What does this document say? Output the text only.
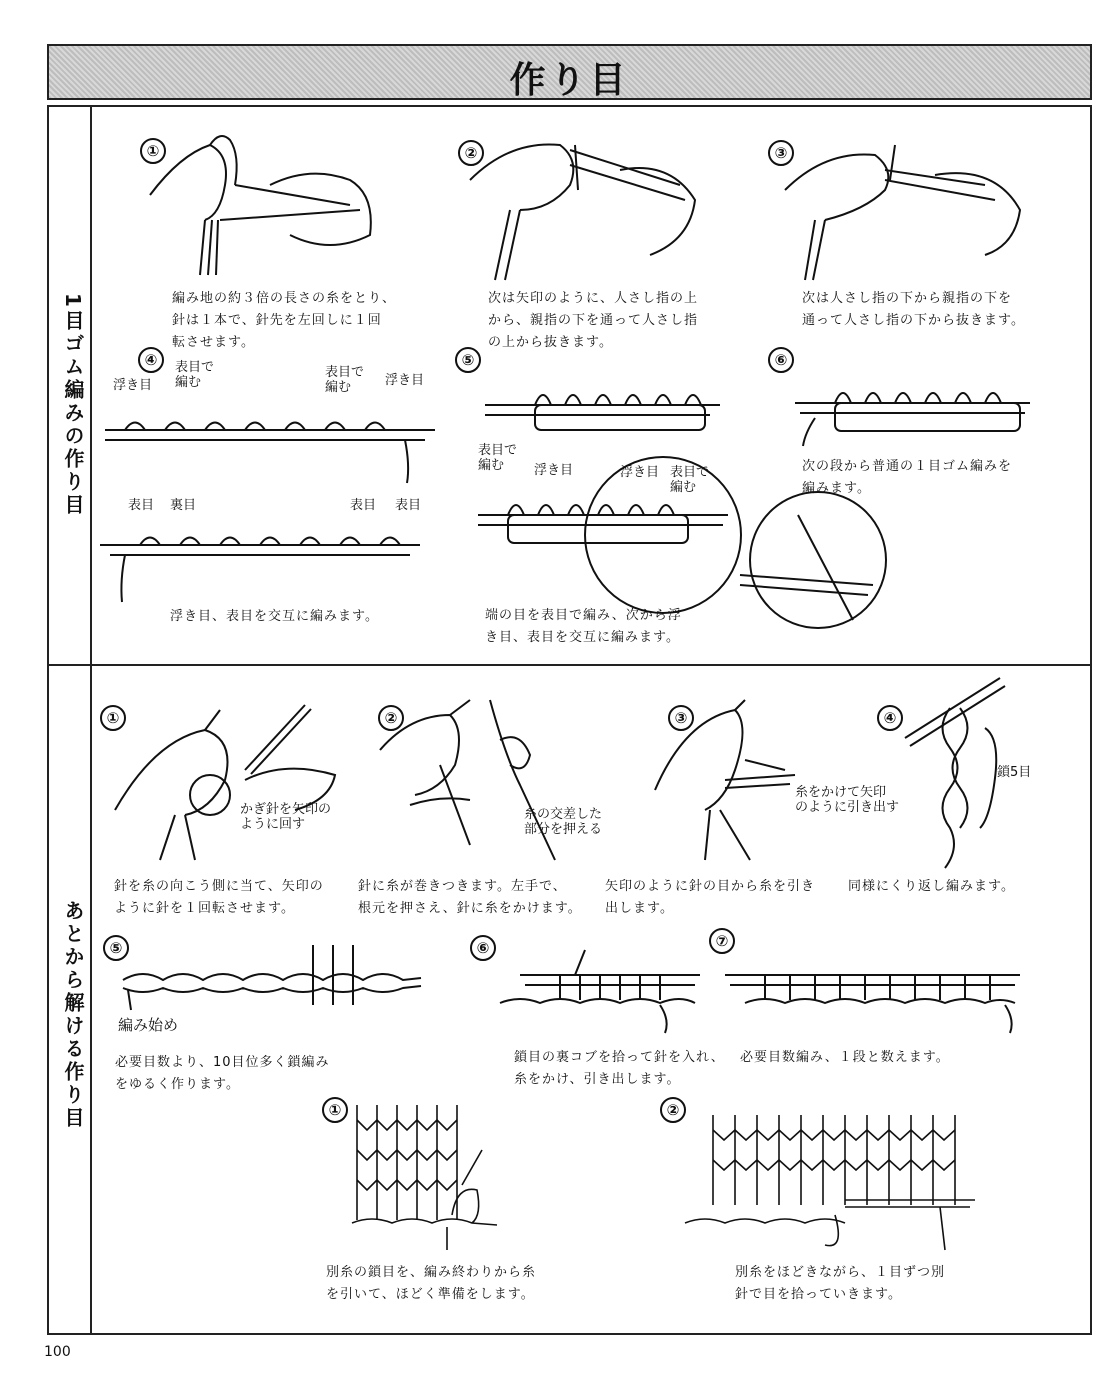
作り目
1目ゴム編みの作り目
あとから解ける作り目
①
編み地の約３倍の長さの糸をとり、
針は１本で、針先を左回しに１回
転させます。
②
次は矢印のように、人さし指の上
から、親指の下を通って人さし指
の上から抜きます。
③
次は人さし指の下から親指の下を
通って人さし指の下から抜きます。
④
浮き目
表目で
編む
表目で
編む	浮き目
表目 裏目	表目 表目
浮き目、表目を交互に編みます。
⑤
表目で
編む	浮き目	浮き目 表目で
編む
端の目を表目で編み、次から浮
き目、表目を交互に編みます。
⑥
次の段から普通の１目ゴム編みを
編みます。
①
かぎ針を矢印の
ように回す
針を糸の向こう側に当て、矢印の
ように針を１回転させます。
②
糸の交差した
部分を押える
針に糸が巻きつきます。左手で、
根元を押さえ、針に糸をかけます。
③
糸をかけて矢印
のように引き出す
矢印のように針の目から糸を引き
出します。
④
鎖5目
同様にくり返し編みます。
⑤
編み始め
必要目数より、10目位多く鎖編み
をゆるく作ります。
⑥
鎖目の裏コブを拾って針を入れ、
糸をかけ、引き出します。
⑦
必要目数編み、１段と数えます。
①
別糸の鎖目を、編み終わりから糸
を引いて、ほどく準備をします。
②
別糸をほどきながら、１目ずつ別
針で目を拾っていきます。
100
